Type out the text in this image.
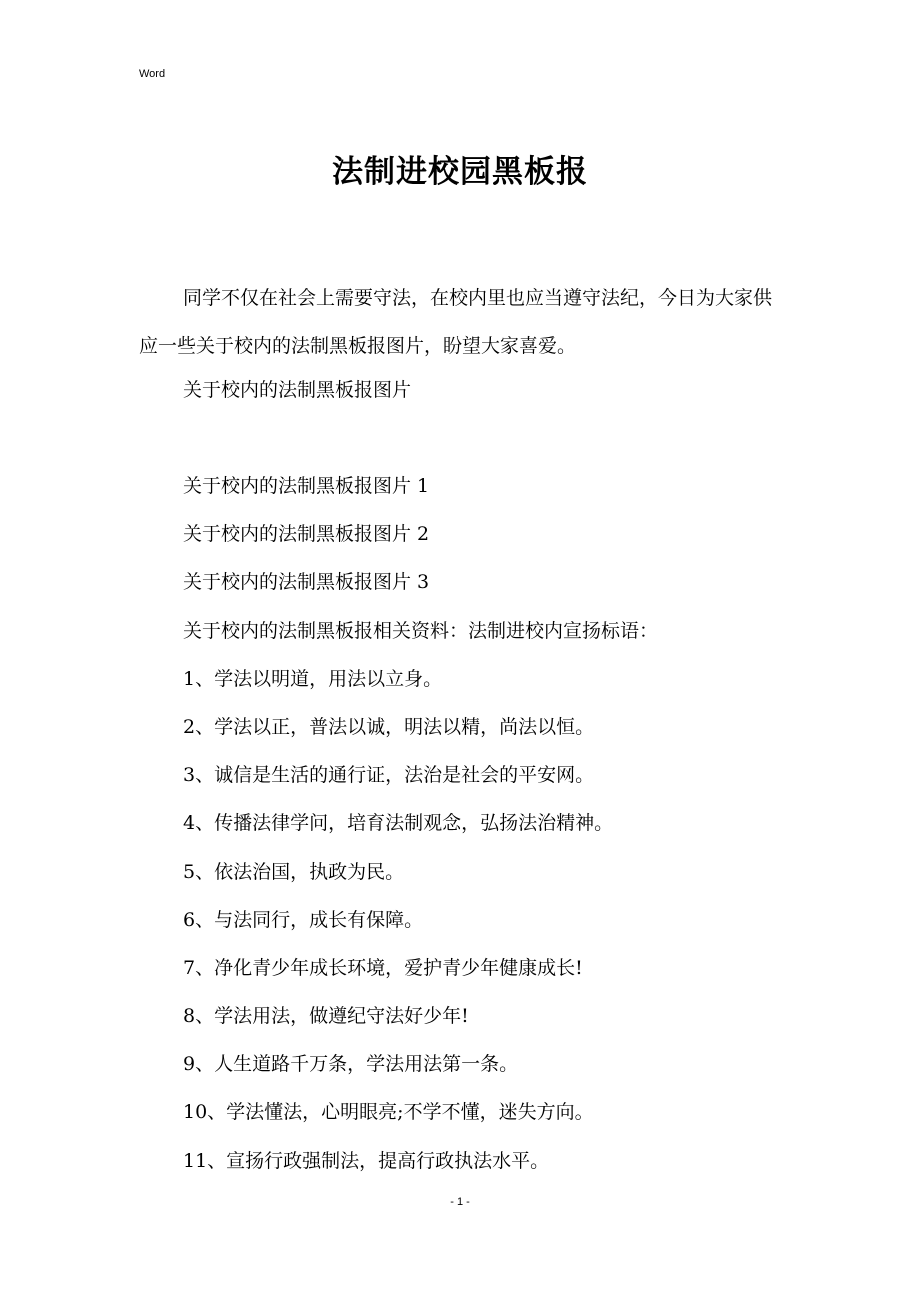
Word
法制进校园黑板报

同学不仅在社会上需要守法，在校内里也应当遵守法纪，今日为大家供应一些关于校内的法制黑板报图片，盼望大家喜爱。

关于校内的法制黑板报图片

关于校内的法制黑板报图片 1

关于校内的法制黑板报图片 2

关于校内的法制黑板报图片 3

关于校内的法制黑板报相关资料：法制进校内宣扬标语：

1、学法以明道，用法以立身。

2、学法以正，普法以诚，明法以精，尚法以恒。

3、诚信是生活的通行证，法治是社会的平安网。

4、传播法律学问，培育法制观念，弘扬法治精神。

5、依法治国，执政为民。

6、与法同行，成长有保障。

7、净化青少年成长环境，爱护青少年健康成长!

8、学法用法，做遵纪守法好少年!

9、人生道路千万条，学法用法第一条。

10、学法懂法，心明眼亮;不学不懂，迷失方向。

11、宣扬行政强制法，提高行政执法水平。

- 1 -
